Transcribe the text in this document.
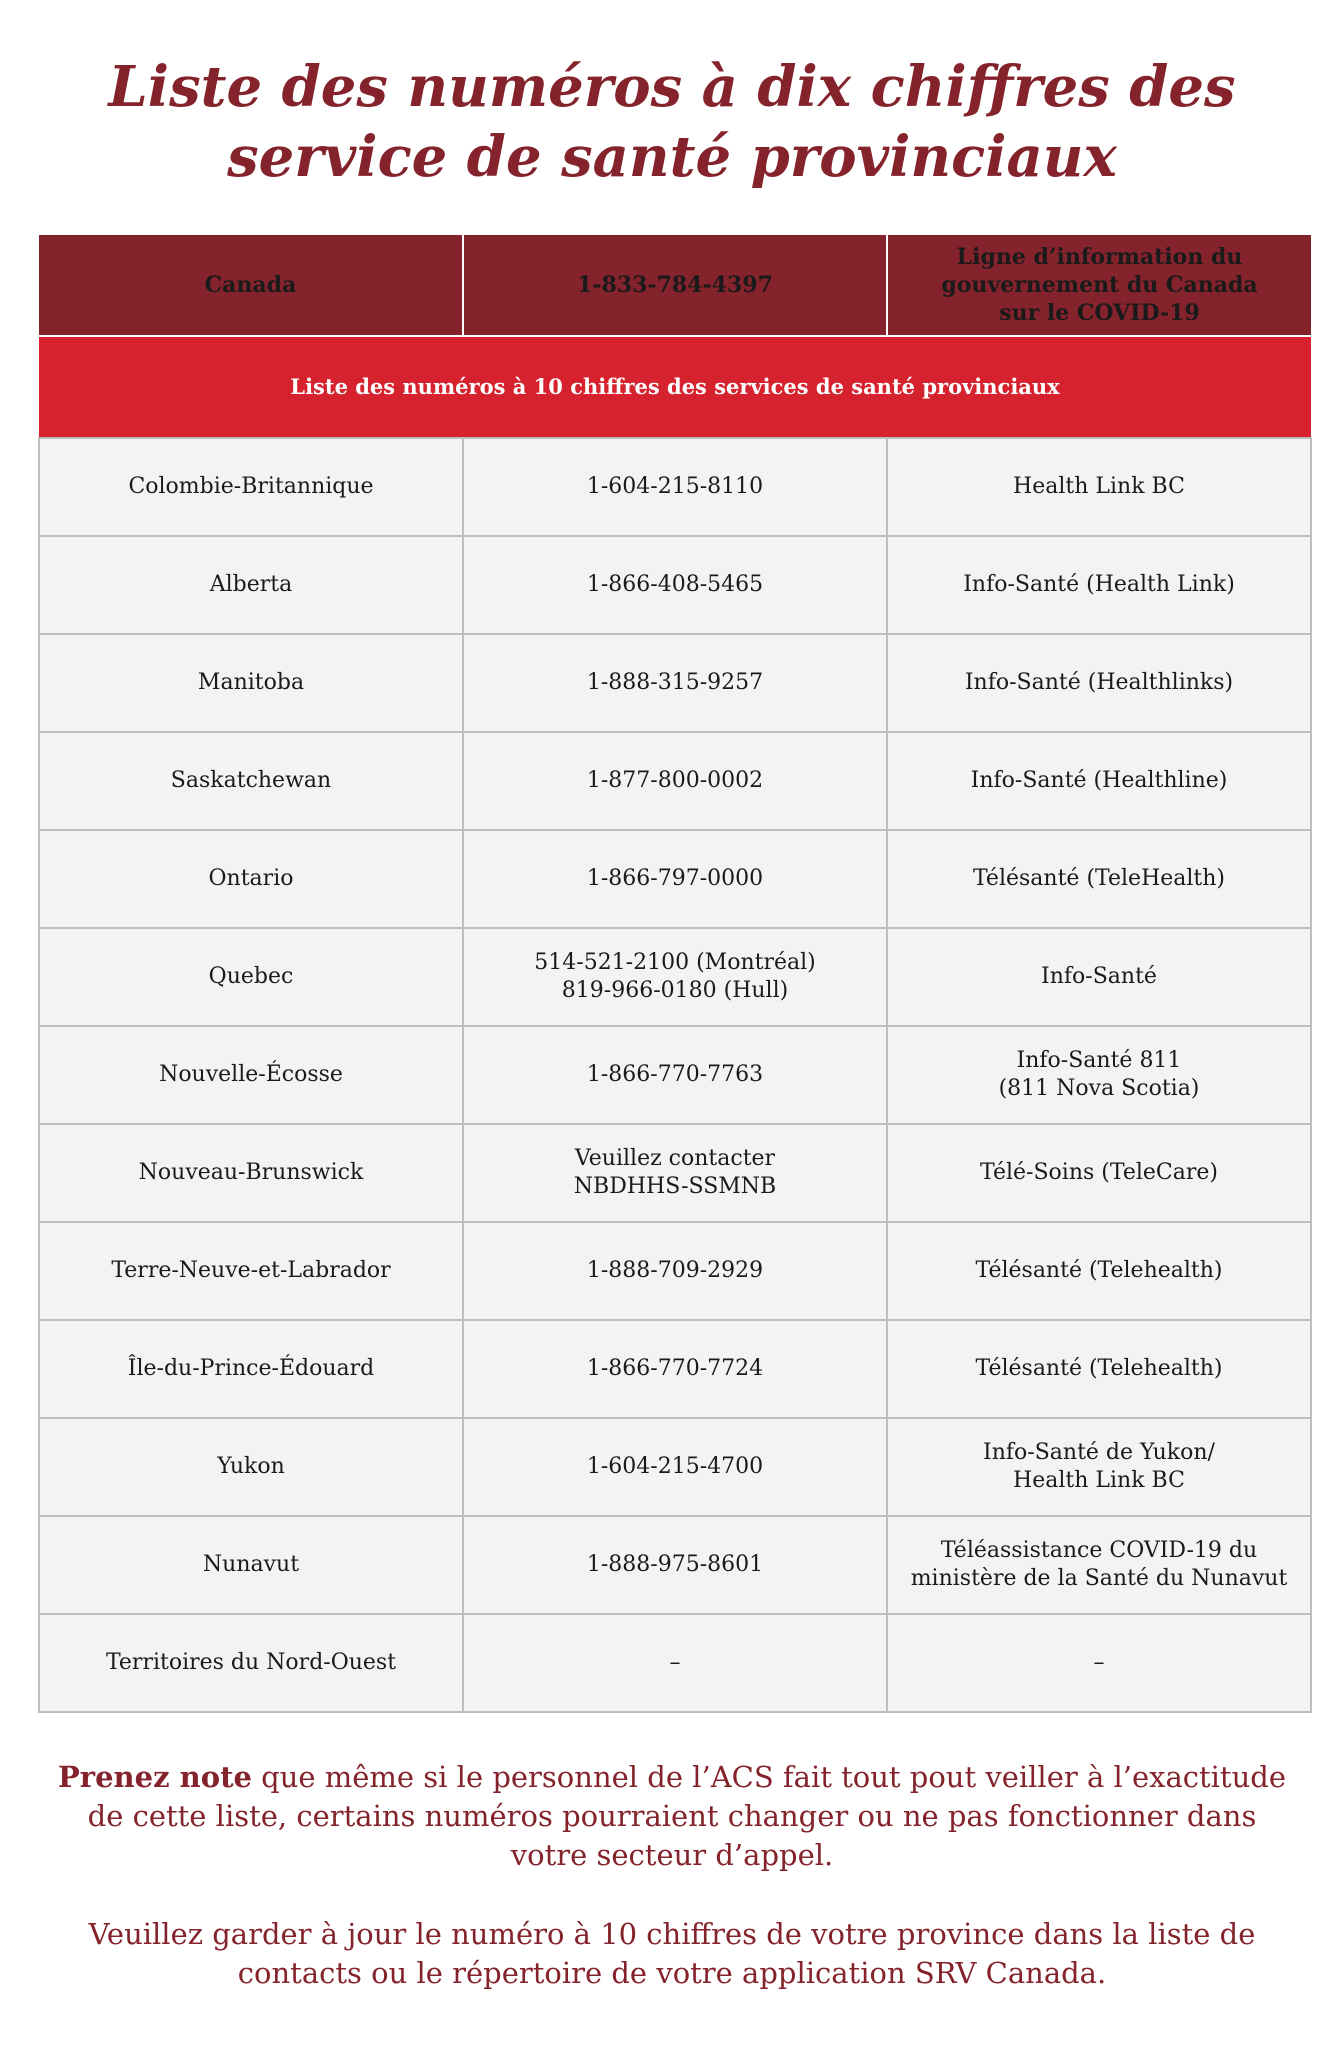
Liste des numéros à dix chiffres des
service de santé provinciaux
Canada	1-833-784-4397	Ligne d’information du
gouvernement du Canada
sur le COVID-19

Liste des numéros à 10 chiffres des services de santé provinciaux		
Colombie-Britannique	1-604-215-8110	Health Link BC

Alberta	1-866-408-5465	Info-Santé (Health Link)

Manitoba	1-888-315-9257	Info-Santé (Healthlinks)

Saskatchewan	1-877-800-0002	Info-Santé (Healthline)

Ontario	1-866-797-0000	Télésanté (TeleHealth)

Quebec	514-521-2100 (Montréal)
819-966-0180 (Hull)	Info-Santé

Nouvelle-Écosse	1-866-770-7763	Info-Santé 811
(811 Nova Scotia)

Nouveau-Brunswick	Veuillez contacter
NBDHHS-SSMNB	Télé-Soins (TeleCare)

Terre-Neuve-et-Labrador	1-888-709-2929	Télésanté (Telehealth)

Île-du-Prince-Édouard	1-866-770-7724	Télésanté (Telehealth)

Yukon	1-604-215-4700	Info-Santé de Yukon/
Health Link BC

Nunavut	1-888-975-8601	Téléassistance COVID-19 du
ministère de la Santé du Nunavut

Territoires du Nord-Ouest	–	–

Prenez note que même si le personnel de l’ACS fait tout pout veiller à l’exactitude de cette liste, certains numéros pourraient changer ou ne pas fonctionner dans votre secteur d’appel.

Veuillez garder à jour le numéro à 10 chiffres de votre province dans la liste de contacts ou le répertoire de votre application SRV Canada.
